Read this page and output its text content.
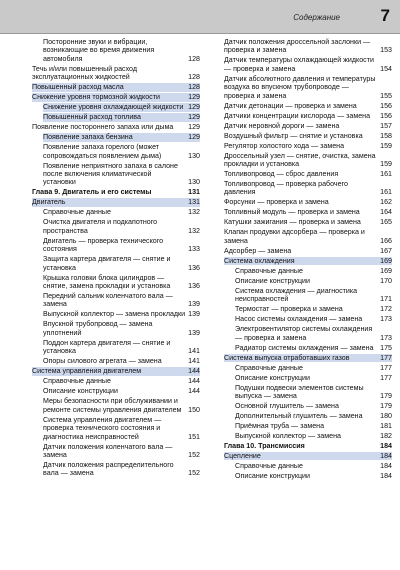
Содержание 7
Посторонние звуки и вибрации, возникающие во время движения автомобиля	128
Течь и/или повышенный расход эксплуатационных жидкостей	128
Повышенный расход масла	128
Снижение уровня тормозной жидкости	129
Снижение уровня охлаждающей жидкости 129
Повышенный расход топлива	129
Появление постороннего запаха или дыма	129
Появление запаха бензина	129
Появление запаха горелого (может сопровождаться появлением дыма)	130
Появление неприятного запаха в салоне после включения климатической установки	130
Глава 9. Двигатель и его системы	131
Двигатель	131
Справочные данные	132
Очистка двигателя и подкапотного пространства	132
Двигатель — проверка технического состояния	133
Защита картера двигателя — снятие и установка	136
Крышка головки блока цилиндров — снятие, замена прокладки и установка	136
Передний сальник коленчатого вала — замена	139
Выпускной коллектор — замена прокладки 139
Впускной трубопровод — замена уплотнений	139
Поддон картера двигателя — снятие и установка	141
Опоры силового агрегата — замена	141
Система управления двигателем	144
Справочные данные	144
Описание конструкции	144
Меры безопасности при обслуживании и ремонте системы управления двигателем 150
Система управления двигателем — проверка технического состояния и диагностика неисправностей	151
Датчик положения коленчатого вала — замена	152
Датчик положения распределительного вала — замена	152
Датчик положения дроссельной заслонки — проверка и замена	153
Датчик температуры охлаждающей жидкости — проверка и замена	154
Датчик абсолютного давления и температуры воздуха во впускном трубопроводе — проверка и замена	155
Датчик детонации — проверка и замена	156
Датчики концентрации кислорода — замена	156
Датчик неровной дороги — замена	157
Воздушный фильтр — снятие и установка	158
Регулятор холостого хода — замена	159
Дроссельный узел — снятие, очистка, замена прокладки и установка	159
Топливопровод — сброс давления	161
Топливопровод — проверка рабочего давления	161
Форсунки — проверка и замена	162
Топливный модуль — проверка и замена	164
Катушки зажигания — проверка и замена	165
Клапан продувки адсорбера — проверка и замена	166
Адсорбер — замена	167
Система охлаждения	169
Справочные данные	169
Описание конструкции	170
Система охлаждения — диагностика неисправностей	171
Термостат — проверка и замена	172
Насос системы охлаждения — замена	173
Электровентилятор системы охлаждения — проверка и замена	173
Радиатор системы охлаждения — замена 175
Система выпуска отработавших газов	177
Справочные данные	177
Описание конструкции	177
Подушки подвески элементов системы выпуска — замена	179
Основной глушитель — замена	179
Дополнительный глушитель — замена	180
Приёмная труба — замена	181
Выпускной коллектор — замена	182
Глава 10. Трансмиссия	184
Сцепление	184
Справочные данные	184
Описание конструкции	184
